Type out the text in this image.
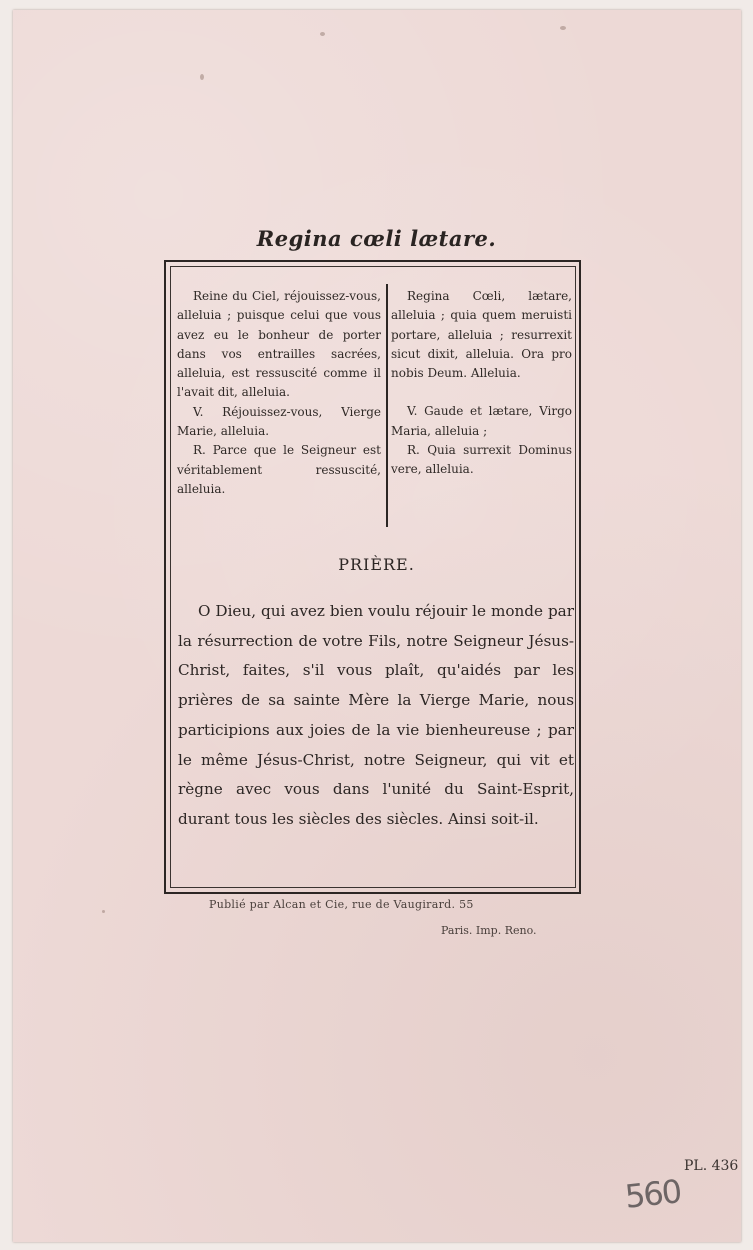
Regina cœli lætare.

Reine du Ciel, réjouissez-vous, alleluia ; puisque celui que vous avez eu le bonheur de porter dans vos entrailles sacrées, alleluia, est ressuscité comme il l'avait dit, alleluia.

V. Réjouissez-vous, Vierge Marie, alleluia.

R. Parce que le Seigneur est véritablement ressuscité, alleluia.

Regina Cœli, lætare, alleluia ; quia quem meruisti portare, alleluia ; resurrexit sicut dixit, alleluia. Ora pro nobis Deum. Alleluia.

V. Gaude et lætare, Virgo Maria, alleluia ;

R. Quia surrexit Dominus vere, alleluia.

PRIÈRE.

O Dieu, qui avez bien voulu réjouir le monde par la résurrection de votre Fils, notre Seigneur Jésus-Christ, faites, s'il vous plaît, qu'aidés par les prières de sa sainte Mère la Vierge Marie, nous participions aux joies de la vie bienheureuse ; par le même Jésus-Christ, notre Seigneur, qui vit et règne avec vous dans l'unité du Saint-Esprit, durant tous les siècles des siècles. Ainsi soit-il.

Publié par Alcan et Cie, rue de Vaugirard. 55
Paris. Imp. Reno.
PL. 436
560
